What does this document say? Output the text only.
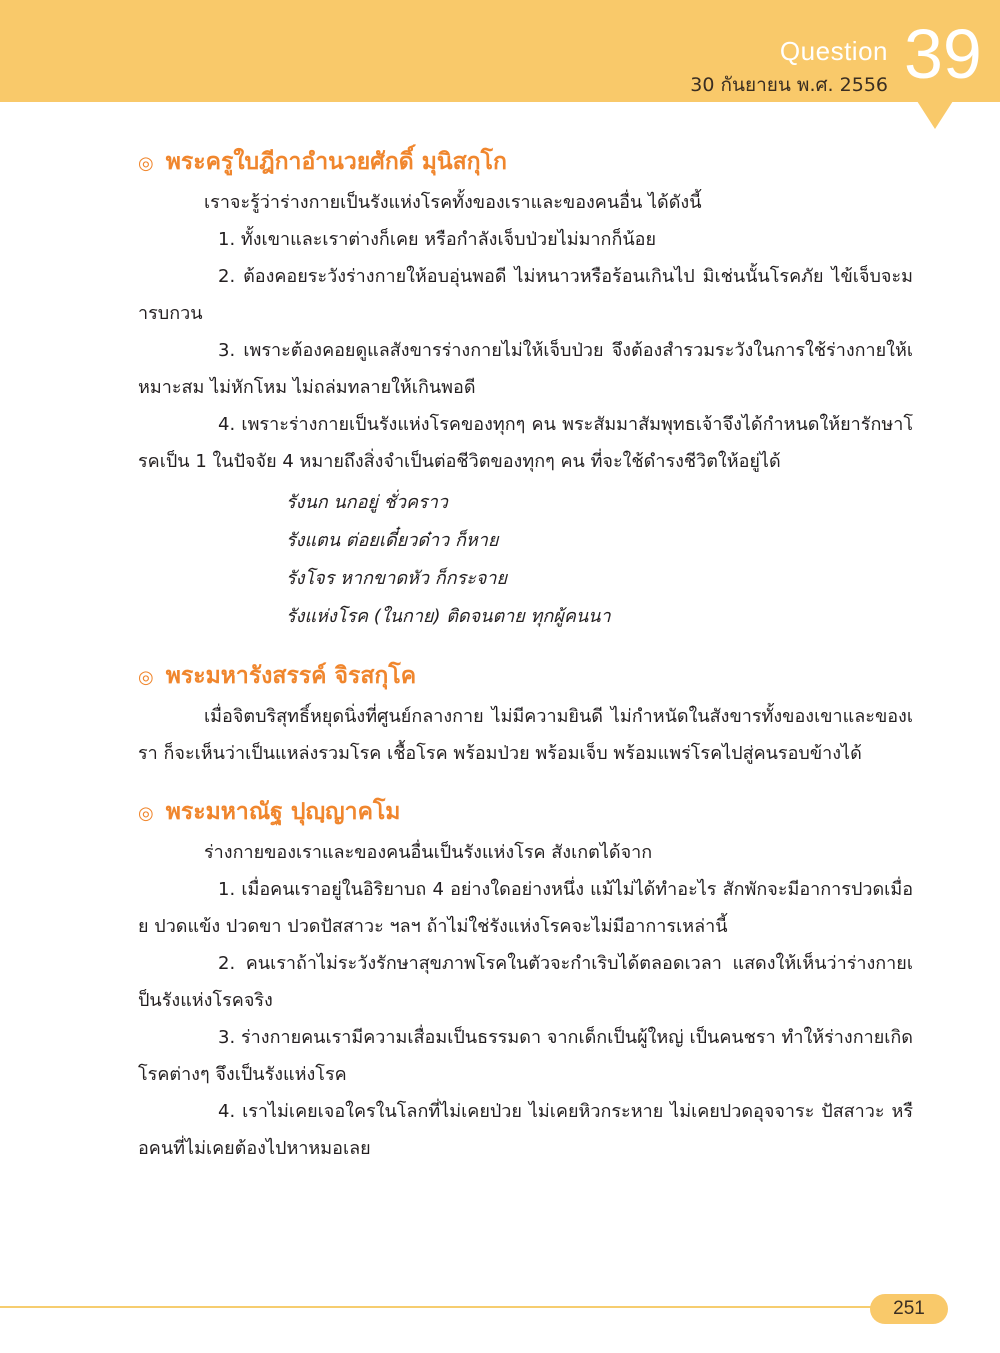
Question
30 กันยายน พ.ศ. 2556 39
◎ พระครูใบฎีกาอำนวยศักดิ์ มุนิสกุโก

เราจะรู้ว่าร่างกายเป็นรังแห่งโรคทั้งของเราและของคนอื่น ได้ดังนี้

1. ทั้งเขาและเราต่างก็เคย หรือกำลังเจ็บป่วยไม่มากก็น้อย

2. ต้องคอยระวังร่างกายให้อบอุ่นพอดี ไม่หนาวหรือร้อนเกินไป มิเช่นนั้นโรคภัย ไข้เจ็บจะมารบกวน

3. เพราะต้องคอยดูแลสังขารร่างกายไม่ให้เจ็บป่วย จึงต้องสำรวมระวังในการใช้ร่างกายให้เหมาะสม ไม่หักโหม ไม่ถล่มทลายให้เกินพอดี

4. เพราะร่างกายเป็นรังแห่งโรคของทุกๆ คน พระสัมมาสัมพุทธเจ้าจึงได้กำหนดให้ยารักษาโรคเป็น 1 ในปัจจัย 4 หมายถึงสิ่งจำเป็นต่อชีวิตของทุกๆ คน ที่จะใช้ดำรงชีวิตให้อยู่ได้

รังนก นกอยู่ ชั่วคราว
รังแตน ต่อยเดี๋ยวด๋าว ก็หาย
รังโจร หากขาดหัว ก็กระจาย
รังแห่งโรค (ในกาย) ติดจนตาย ทุกผู้คนนา
◎ พระมหารังสรรค์ จิรสกุโค

เมื่อจิตบริสุทธิ์หยุดนิ่งที่ศูนย์กลางกาย ไม่มีความยินดี ไม่กำหนัดในสังขารทั้งของเขาและของเรา ก็จะเห็นว่าเป็นแหล่งรวมโรค เชื้อโรค พร้อมป่วย พร้อมเจ็บ พร้อมแพร่โรคไปสู่คนรอบข้างได้

◎ พระมหาณัฐ ปุญฺญาคโม

ร่างกายของเราและของคนอื่นเป็นรังแห่งโรค สังเกตได้จาก

1. เมื่อคนเราอยู่ในอิริยาบถ 4 อย่างใดอย่างหนึ่ง แม้ไม่ได้ทำอะไร สักพักจะมีอาการปวดเมื่อย ปวดแข้ง ปวดขา ปวดปัสสาวะ ฯลฯ ถ้าไม่ใช่รังแห่งโรคจะไม่มีอาการเหล่านี้

2. คนเราถ้าไม่ระวังรักษาสุขภาพโรคในตัวจะกำเริบได้ตลอดเวลา แสดงให้เห็นว่าร่างกายเป็นรังแห่งโรคจริง

3. ร่างกายคนเรามีความเสื่อมเป็นธรรมดา จากเด็กเป็นผู้ใหญ่ เป็นคนชรา ทำให้ร่างกายเกิดโรคต่างๆ จึงเป็นรังแห่งโรค

4. เราไม่เคยเจอใครในโลกที่ไม่เคยป่วย ไม่เคยหิวกระหาย ไม่เคยปวดอุจจาระ ปัสสาวะ หรือคนที่ไม่เคยต้องไปหาหมอเลย

251
